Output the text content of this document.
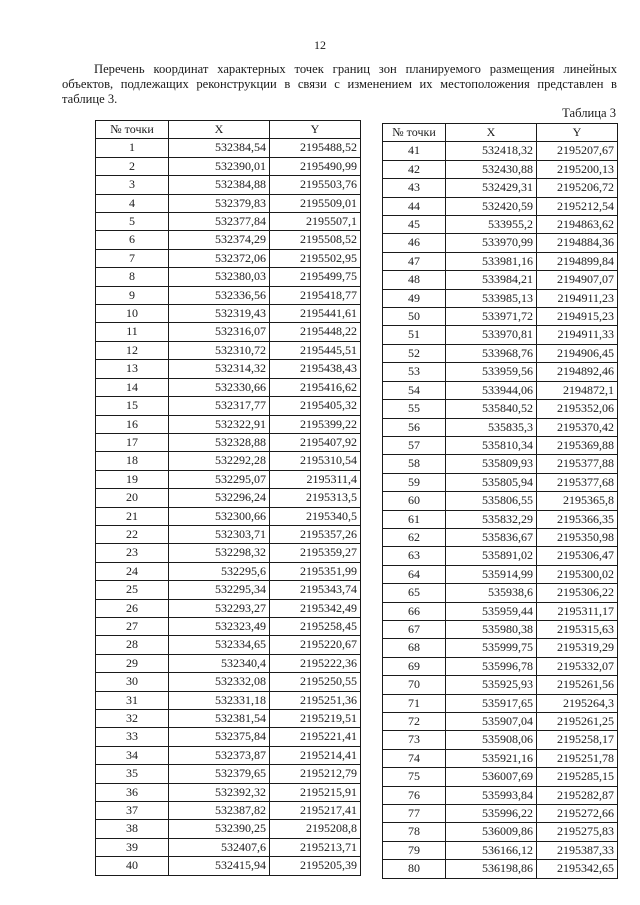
12
Перечень координат характерных точек границ зон планируемого размещения линейных объектов, подлежащих реконструкции в связи с изменением их местоположения представлен в таблице 3.
Таблица 3
№ точки	X	Y
1	532384,54	2195488,52
2	532390,01	2195490,99
3	532384,88	2195503,76
4	532379,83	2195509,01
5	532377,84	2195507,1
6	532374,29	2195508,52
7	532372,06	2195502,95
8	532380,03	2195499,75
9	532336,56	2195418,77
10	532319,43	2195441,61
11	532316,07	2195448,22
12	532310,72	2195445,51
13	532314,32	2195438,43
14	532330,66	2195416,62
15	532317,77	2195405,32
16	532322,91	2195399,22
17	532328,88	2195407,92
18	532292,28	2195310,54
19	532295,07	2195311,4
20	532296,24	2195313,5
21	532300,66	2195340,5
22	532303,71	2195357,26
23	532298,32	2195359,27
24	532295,6	2195351,99
25	532295,34	2195343,74
26	532293,27	2195342,49
27	532323,49	2195258,45
28	532334,65	2195220,67
29	532340,4	2195222,36
30	532332,08	2195250,55
31	532331,18	2195251,36
32	532381,54	2195219,51
33	532375,84	2195221,41
34	532373,87	2195214,41
35	532379,65	2195212,79
36	532392,32	2195215,91
37	532387,82	2195217,41
38	532390,25	2195208,8
39	532407,6	2195213,71
40	532415,94	2195205,39
№ точки	X	Y
41	532418,32	2195207,67
42	532430,88	2195200,13
43	532429,31	2195206,72
44	532420,59	2195212,54
45	533955,2	2194863,62
46	533970,99	2194884,36
47	533981,16	2194899,84
48	533984,21	2194907,07
49	533985,13	2194911,23
50	533971,72	2194915,23
51	533970,81	2194911,33
52	533968,76	2194906,45
53	533959,56	2194892,46
54	533944,06	2194872,1
55	535840,52	2195352,06
56	535835,3	2195370,42
57	535810,34	2195369,88
58	535809,93	2195377,88
59	535805,94	2195377,68
60	535806,55	2195365,8
61	535832,29	2195366,35
62	535836,67	2195350,98
63	535891,02	2195306,47
64	535914,99	2195300,02
65	535938,6	2195306,22
66	535959,44	2195311,17
67	535980,38	2195315,63
68	535999,75	2195319,29
69	535996,78	2195332,07
70	535925,93	2195261,56
71	535917,65	2195264,3
72	535907,04	2195261,25
73	535908,06	2195258,17
74	535921,16	2195251,78
75	536007,69	2195285,15
76	535993,84	2195282,87
77	535996,22	2195272,66
78	536009,86	2195275,83
79	536166,12	2195387,33
80	536198,86	2195342,65
